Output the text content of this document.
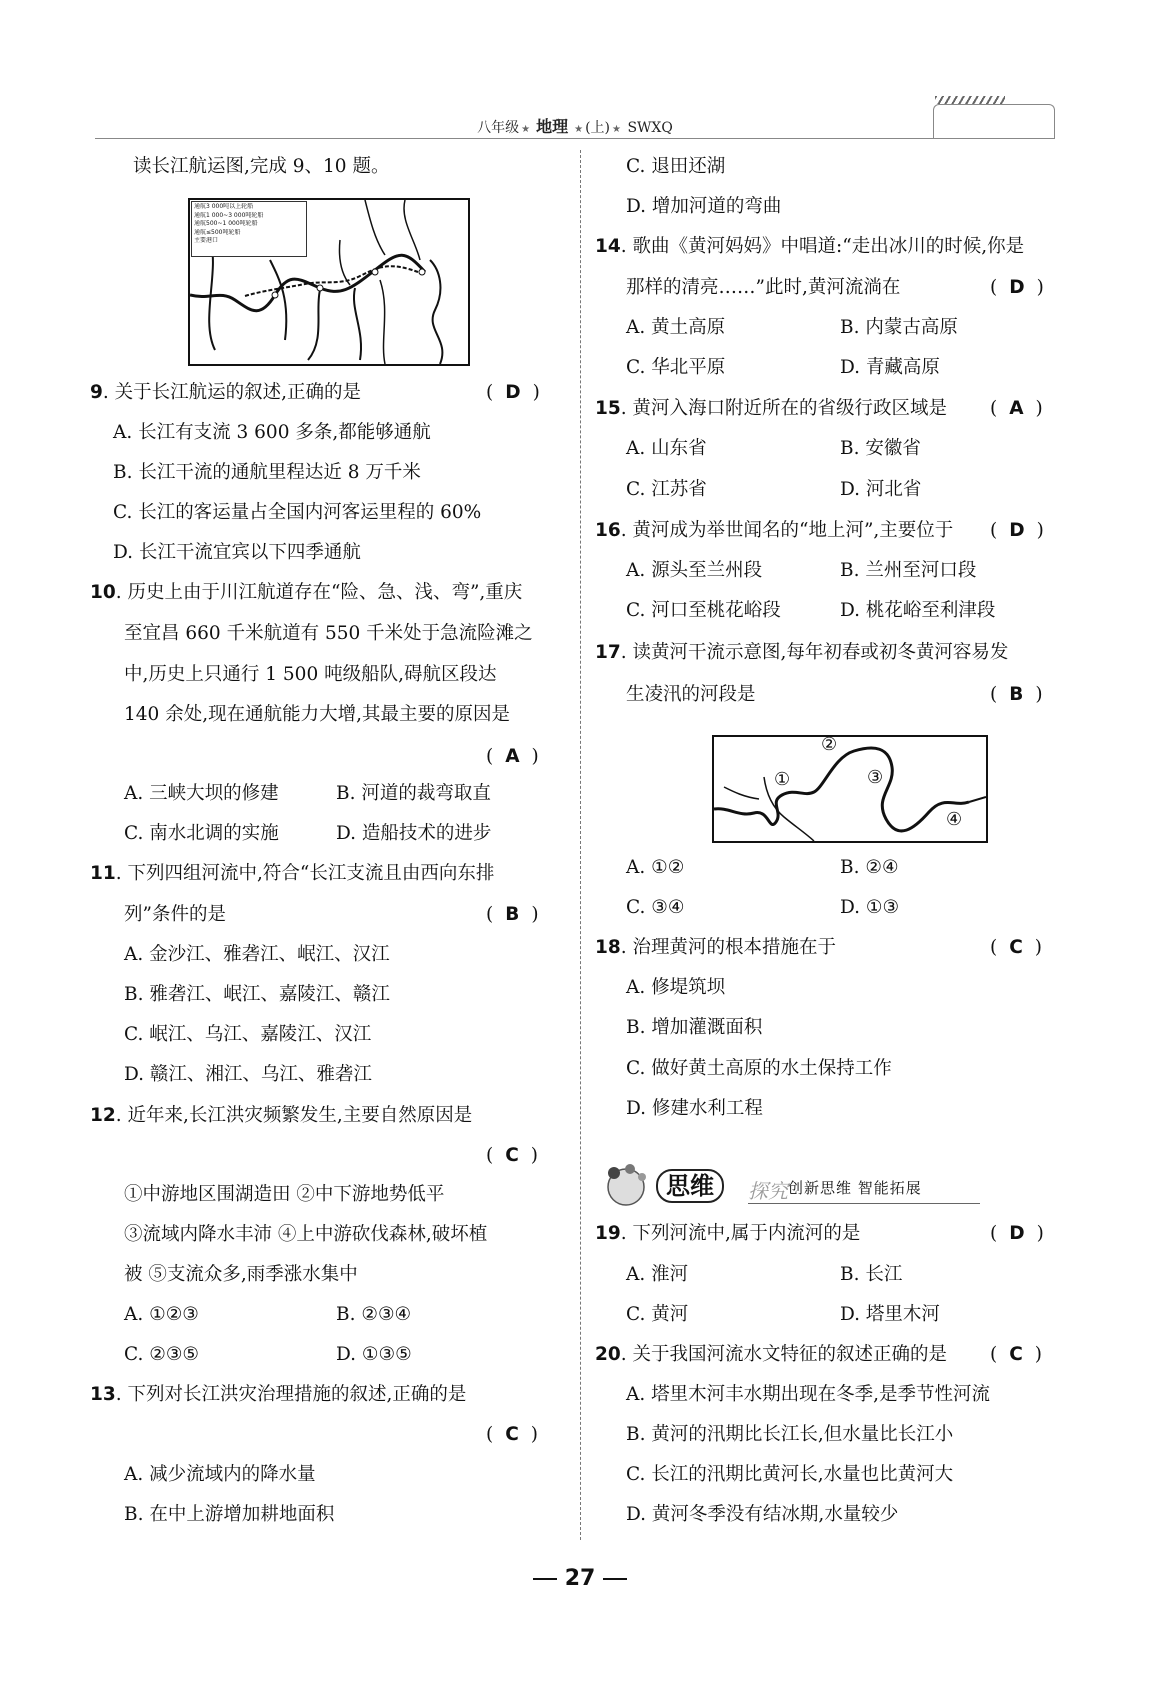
八年级 ★ 地理 ★ (上) ★ SWXQ
读长江航运图,完成 9、10 题。
通航3 000吨以上轮船
通航1 000~3 000吨轮船
通航500~1 000吨轮船
通航≤500吨轮船
主要港口
9. 关于长江航运的叙述,正确的是	( D )
A. 长江有支流 3 600 多条,都能够通航
B. 长江干流的通航里程达近 8 万千米
C. 长江的客运量占全国内河客运里程的 60%
D. 长江干流宜宾以下四季通航
10. 历史上由于川江航道存在“险、急、浅、弯”,重庆
至宜昌 660 千米航道有 550 千米处于急流险滩之
中,历史上只通行 1 500 吨级船队,碍航区段达
140 余处,现在通航能力大增,其最主要的原因是
( A )
A. 三峡大坝的修建	B. 河道的裁弯取直
C. 南水北调的实施	D. 造船技术的进步
11. 下列四组河流中,符合“长江支流且由西向东排
列”条件的是	( B )
A. 金沙江、雅砻江、岷江、汉江
B. 雅砻江、岷江、嘉陵江、赣江
C. 岷江、乌江、嘉陵江、汉江
D. 赣江、湘江、乌江、雅砻江
12. 近年来,长江洪灾频繁发生,主要自然原因是
( C )
①中游地区围湖造田 ②中下游地势低平
③流域内降水丰沛 ④上中游砍伐森林,破坏植
被 ⑤支流众多,雨季涨水集中
A. ①②③	B. ②③④
C. ②③⑤	D. ①③⑤
13. 下列对长江洪灾治理措施的叙述,正确的是
( C )
A. 减少流域内的降水量
B. 在中上游增加耕地面积
C. 退田还湖
D. 增加河道的弯曲
14. 歌曲《黄河妈妈》中唱道:“走出冰川的时候,你是
那样的清亮……”此时,黄河流淌在	( D )
A. 黄土高原	B. 内蒙古高原
C. 华北平原	D. 青藏高原
15. 黄河入海口附近所在的省级行政区域是 ( A )
A. 山东省	B. 安徽省
C. 江苏省	D. 河北省
16. 黄河成为举世闻名的“地上河”,主要位于 ( D )
A. 源头至兰州段	B. 兰州至河口段
C. 河口至桃花峪段	D. 桃花峪至利津段
17. 读黄河干流示意图,每年初春或初冬黄河容易发
生凌汛的河段是	( B )
①
②
③
④
A. ①②	B. ②④
C. ③④	D. ①③
18. 治理黄河的根本措施在于	( C )
A. 修堤筑坝
B. 增加灌溉面积
C. 做好黄土高原的水土保持工作
D. 修建水利工程
思维	探究 创新思维 智能拓展
19. 下列河流中,属于内流河的是	( D )
A. 淮河	B. 长江
C. 黄河	D. 塔里木河
20. 关于我国河流水文特征的叙述正确的是 ( C )
A. 塔里木河丰水期出现在冬季,是季节性河流
B. 黄河的汛期比长江长,但水量比长江小
C. 长江的汛期比黄河长,水量也比黄河大
D. 黄河冬季没有结冰期,水量较少
27
